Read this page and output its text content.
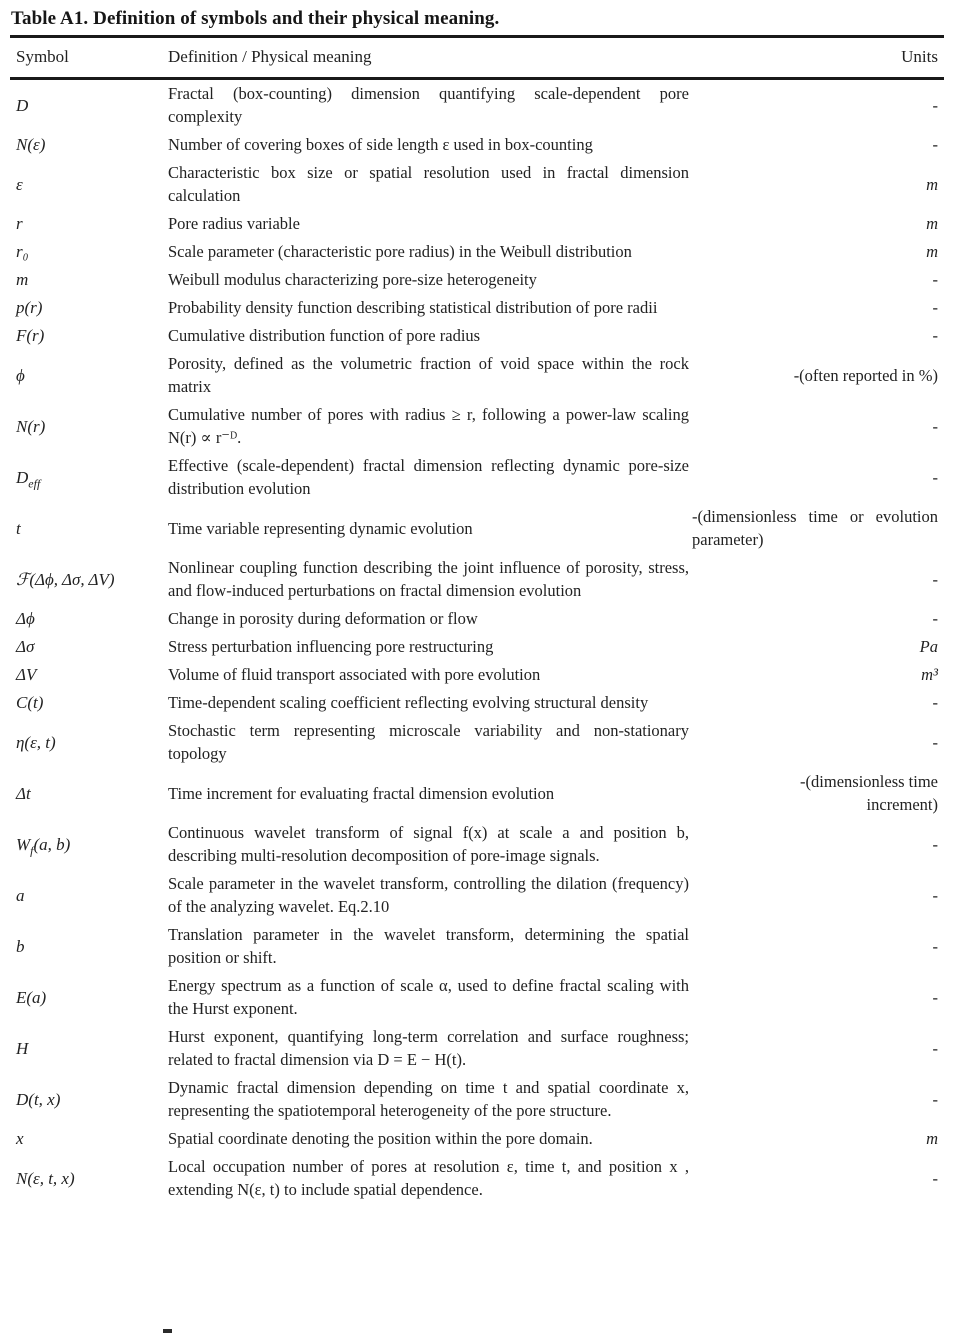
Table A1. Definition of symbols and their physical meaning.
Symbol	Definition / Physical meaning	Units
D	Fractal (box-counting) dimension quantifying scale-dependent pore complexity	-

N(ε)	Number of covering boxes of side length ε used in box-counting	-

ε	Characteristic box size or spatial resolution used in fractal dimension calculation	m

r	Pore radius variable	m

r₀	Scale parameter (characteristic pore radius) in the Weibull distribution	m

m	Weibull modulus characterizing pore-size heterogeneity	-

p(r)	Probability density function describing statistical distribution of pore radii	-

F(r)	Cumulative distribution function of pore radius	-

ϕ	Porosity, defined as the volumetric fraction of void space within the rock matrix	-(often reported in %)

N(r)	Cumulative number of pores with radius ≥ r, following a power-law scaling N(r) ∝ r⁻ᴰ.	-

$D_{eff}$	Effective (scale-dependent) fractal dimension reflecting dynamic pore-size distribution evolution	-

t	Time variable representing dynamic evolution	-(dimensionless time or evolution parameter)

ℱ(Δϕ, Δσ, ΔV)	Nonlinear coupling function describing the joint influence of porosity, stress, and flow-induced perturbations on fractal dimension evolution	-

Δϕ	Change in porosity during deformation or flow	-

Δσ	Stress perturbation influencing pore restructuring	Pa

ΔV	Volume of fluid transport associated with pore evolution	m³

C(t)	Time-dependent scaling coefficient reflecting evolving structural density	-

η(ε, t)	Stochastic term representing microscale variability and non-stationary topology	-

Δt	Time increment for evaluating fractal dimension evolution	-(dimensionless time increment)

$W_f(a$, b)	Continuous wavelet transform of signal f(x) at scale a and position b, describing multi-resolution decomposition of pore-image signals.	-

a	Scale parameter in the wavelet transform, controlling the dilation (frequency) of the analyzing wavelet. Eq.2.10	-

b	Translation parameter in the wavelet transform, determining the spatial position or shift.	-

E(a)	Energy spectrum as a function of scale α, used to define fractal scaling with the Hurst exponent.	-

H	Hurst exponent, quantifying long-term correlation and surface roughness; related to fractal dimension via D = E − H(t).	-

D(t, x)	Dynamic fractal dimension depending on time t and spatial coordinate x, representing the spatiotemporal heterogeneity of the pore structure.	-

x	Spatial coordinate denoting the position within the pore domain.	m

N(ε, t, x)	Local occupation number of pores at resolution ε, time t, and position x , extending N(ε, t) to include spatial dependence.	-
